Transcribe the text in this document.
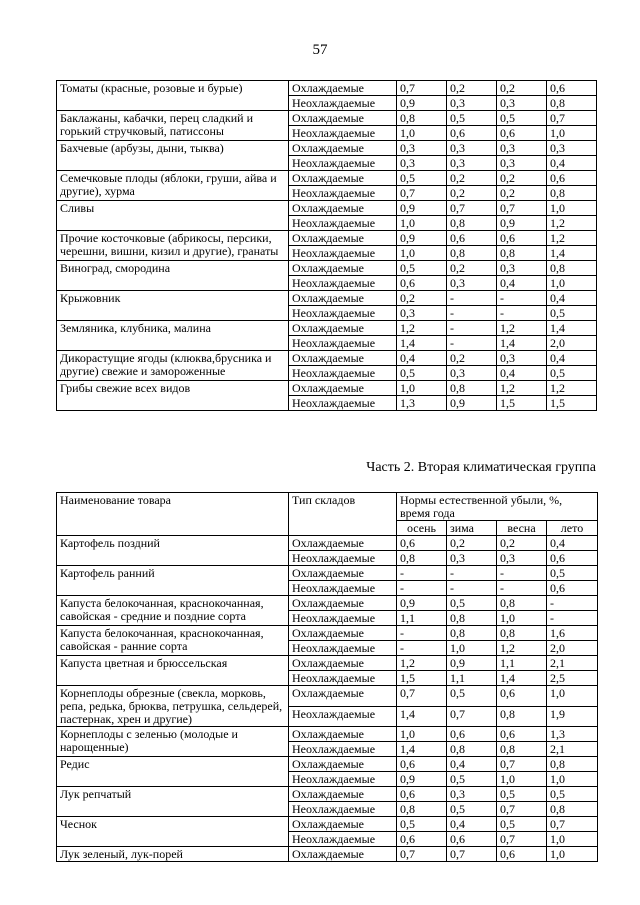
57
Томаты (красные, розовые и бурые)	Охлаждаемые	0,7	0,2	0,2	0,6
	Неохлаждаемые	0,9	0,3	0,3	0,8
Баклажаны, кабачки, перец сладкий и горький стручковый, патиссоны	Охлаждаемые	0,8	0,5	0,5	0,7
	Неохлаждаемые	1,0	0,6	0,6	1,0
Бахчевые (арбузы, дыни, тыква)	Охлаждаемые	0,3	0,3	0,3	0,3
	Неохлаждаемые	0,3	0,3	0,3	0,4
Семечковые плоды (яблоки, груши, айва и другие), хурма	Охлаждаемые	0,5	0,2	0,2	0,6
	Неохлаждаемые	0,7	0,2	0,2	0,8
Сливы	Охлаждаемые	0,9	0,7	0,7	1,0
	Неохлаждаемые	1,0	0,8	0,9	1,2
Прочие косточковые (абрикосы, персики, черешни, вишни, кизил и другие), гранаты	Охлаждаемые	0,9	0,6	0,6	1,2
	Неохлаждаемые	1,0	0,8	0,8	1,4
Виноград, смородина	Охлаждаемые	0,5	0,2	0,3	0,8
	Неохлаждаемые	0,6	0,3	0,4	1,0
Крыжовник	Охлаждаемые	0,2	-	-	0,4
	Неохлаждаемые	0,3	-	-	0,5
Земляника, клубника, малина	Охлаждаемые	1,2	-	1,2	1,4
	Неохлаждаемые	1,4	-	1,4	2,0
Дикорастущие ягоды (клюква,брусника и другие) свежие и замороженные	Охлаждаемые	0,4	0,2	0,3	0,4
	Неохлаждаемые	0,5	0,3	0,4	0,5
Грибы свежие всех видов	Охлаждаемые	1,0	0,8	1,2	1,2
	Неохлаждаемые	1,3	0,9	1,5	1,5
Часть 2. Вторая климатическая группа
Наименование товара	Тип складов	Нормы естественной убыли, %, время года			
		осень	зима	весна	лето
Картофель поздний	Охлаждаемые	0,6	0,2	0,2	0,4
	Неохлаждаемые	0,8	0,3	0,3	0,6
Картофель ранний	Охлаждаемые	-	-	-	0,5
	Неохлаждаемые	-	-	-	0,6
Капуста белокочанная, краснокочанная, савойская - средние и поздние сорта	Охлаждаемые	0,9	0,5	0,8	-
	Неохлаждаемые	1,1	0,8	1,0	-
Капуста белокочанная, краснокочанная, савойская - ранние сорта	Охлаждаемые	-	0,8	0,8	1,6
	Неохлаждаемые	-	1,0	1,2	2,0
Капуста цветная и брюссельская	Охлаждаемые	1,2	0,9	1,1	2,1
	Неохлаждаемые	1,5	1,1	1,4	2,5
Корнеплоды обрезные (свекла, морковь, репа, редька, брюква, петрушка, сельдерей, пастернак, хрен и другие)	Охлаждаемые	0,7	0,5	0,6	1,0
	Неохлаждаемые	1,4	0,7	0,8	1,9
Корнеплоды с зеленью (молодые и нарощенные)	Охлаждаемые	1,0	0,6	0,6	1,3
	Неохлаждаемые	1,4	0,8	0,8	2,1
Редис	Охлаждаемые	0,6	0,4	0,7	0,8
	Неохлаждаемые	0,9	0,5	1,0	1,0
Лук репчатый	Охлаждаемые	0,6	0,3	0,5	0,5
	Неохлаждаемые	0,8	0,5	0,7	0,8
Чеснок	Охлаждаемые	0,5	0,4	0,5	0,7
	Неохлаждаемые	0,6	0,6	0,7	1,0
Лук зеленый, лук-порей	Охлаждаемые	0,7	0,7	0,6	1,0
